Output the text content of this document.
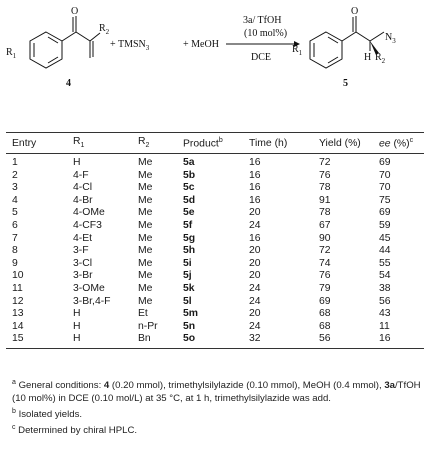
O
$R_1$
$R_2$
4
+ $TMSN_3$	+ MeOH
3a/ TfOH
(10 mol%)
DCE
O
$R_1$
$N_3$
H $R_2$
5
Entry	$R_1$	$R_2$	Product$^b$	Time (h)	Yield (%)	ee (%)$^c$
1	H	Me	5a	16	72	69
2	4-F	Me	5b	16	76	70
3	4-Cl	Me	5c	16	78	70
4	4-Br	Me	5d	16	91	75
5	4-OMe	Me	5e	20	78	69
6	4-CF3	Me	5f	24	67	59
7	4-Et	Me	5g	16	90	45
8	3-F	Me	5h	20	72	44
9	3-Cl	Me	5i	20	74	55
10	3-Br	Me	5j	20	76	54
11	3-OMe	Me	5k	24	79	38
12	3-Br,4-F	Me	5l	24	69	56
13	H	Et	5m	20	68	43
14	H	n-Pr	5n	24	68	11
15	H	Bn	5o	32	56	16

$^a$ General conditions: 4 (0.20 mmol), trimethylsilylazide (0.10 mmol), MeOH (0.4 mmol), 3a/TfOH (10 mol%) in DCE (0.10 mol/L) at 35 °C, at 1 h, trimethylsilylazide was add.

$^b$ Isolated yields.

$^c$ Determined by chiral HPLC.
